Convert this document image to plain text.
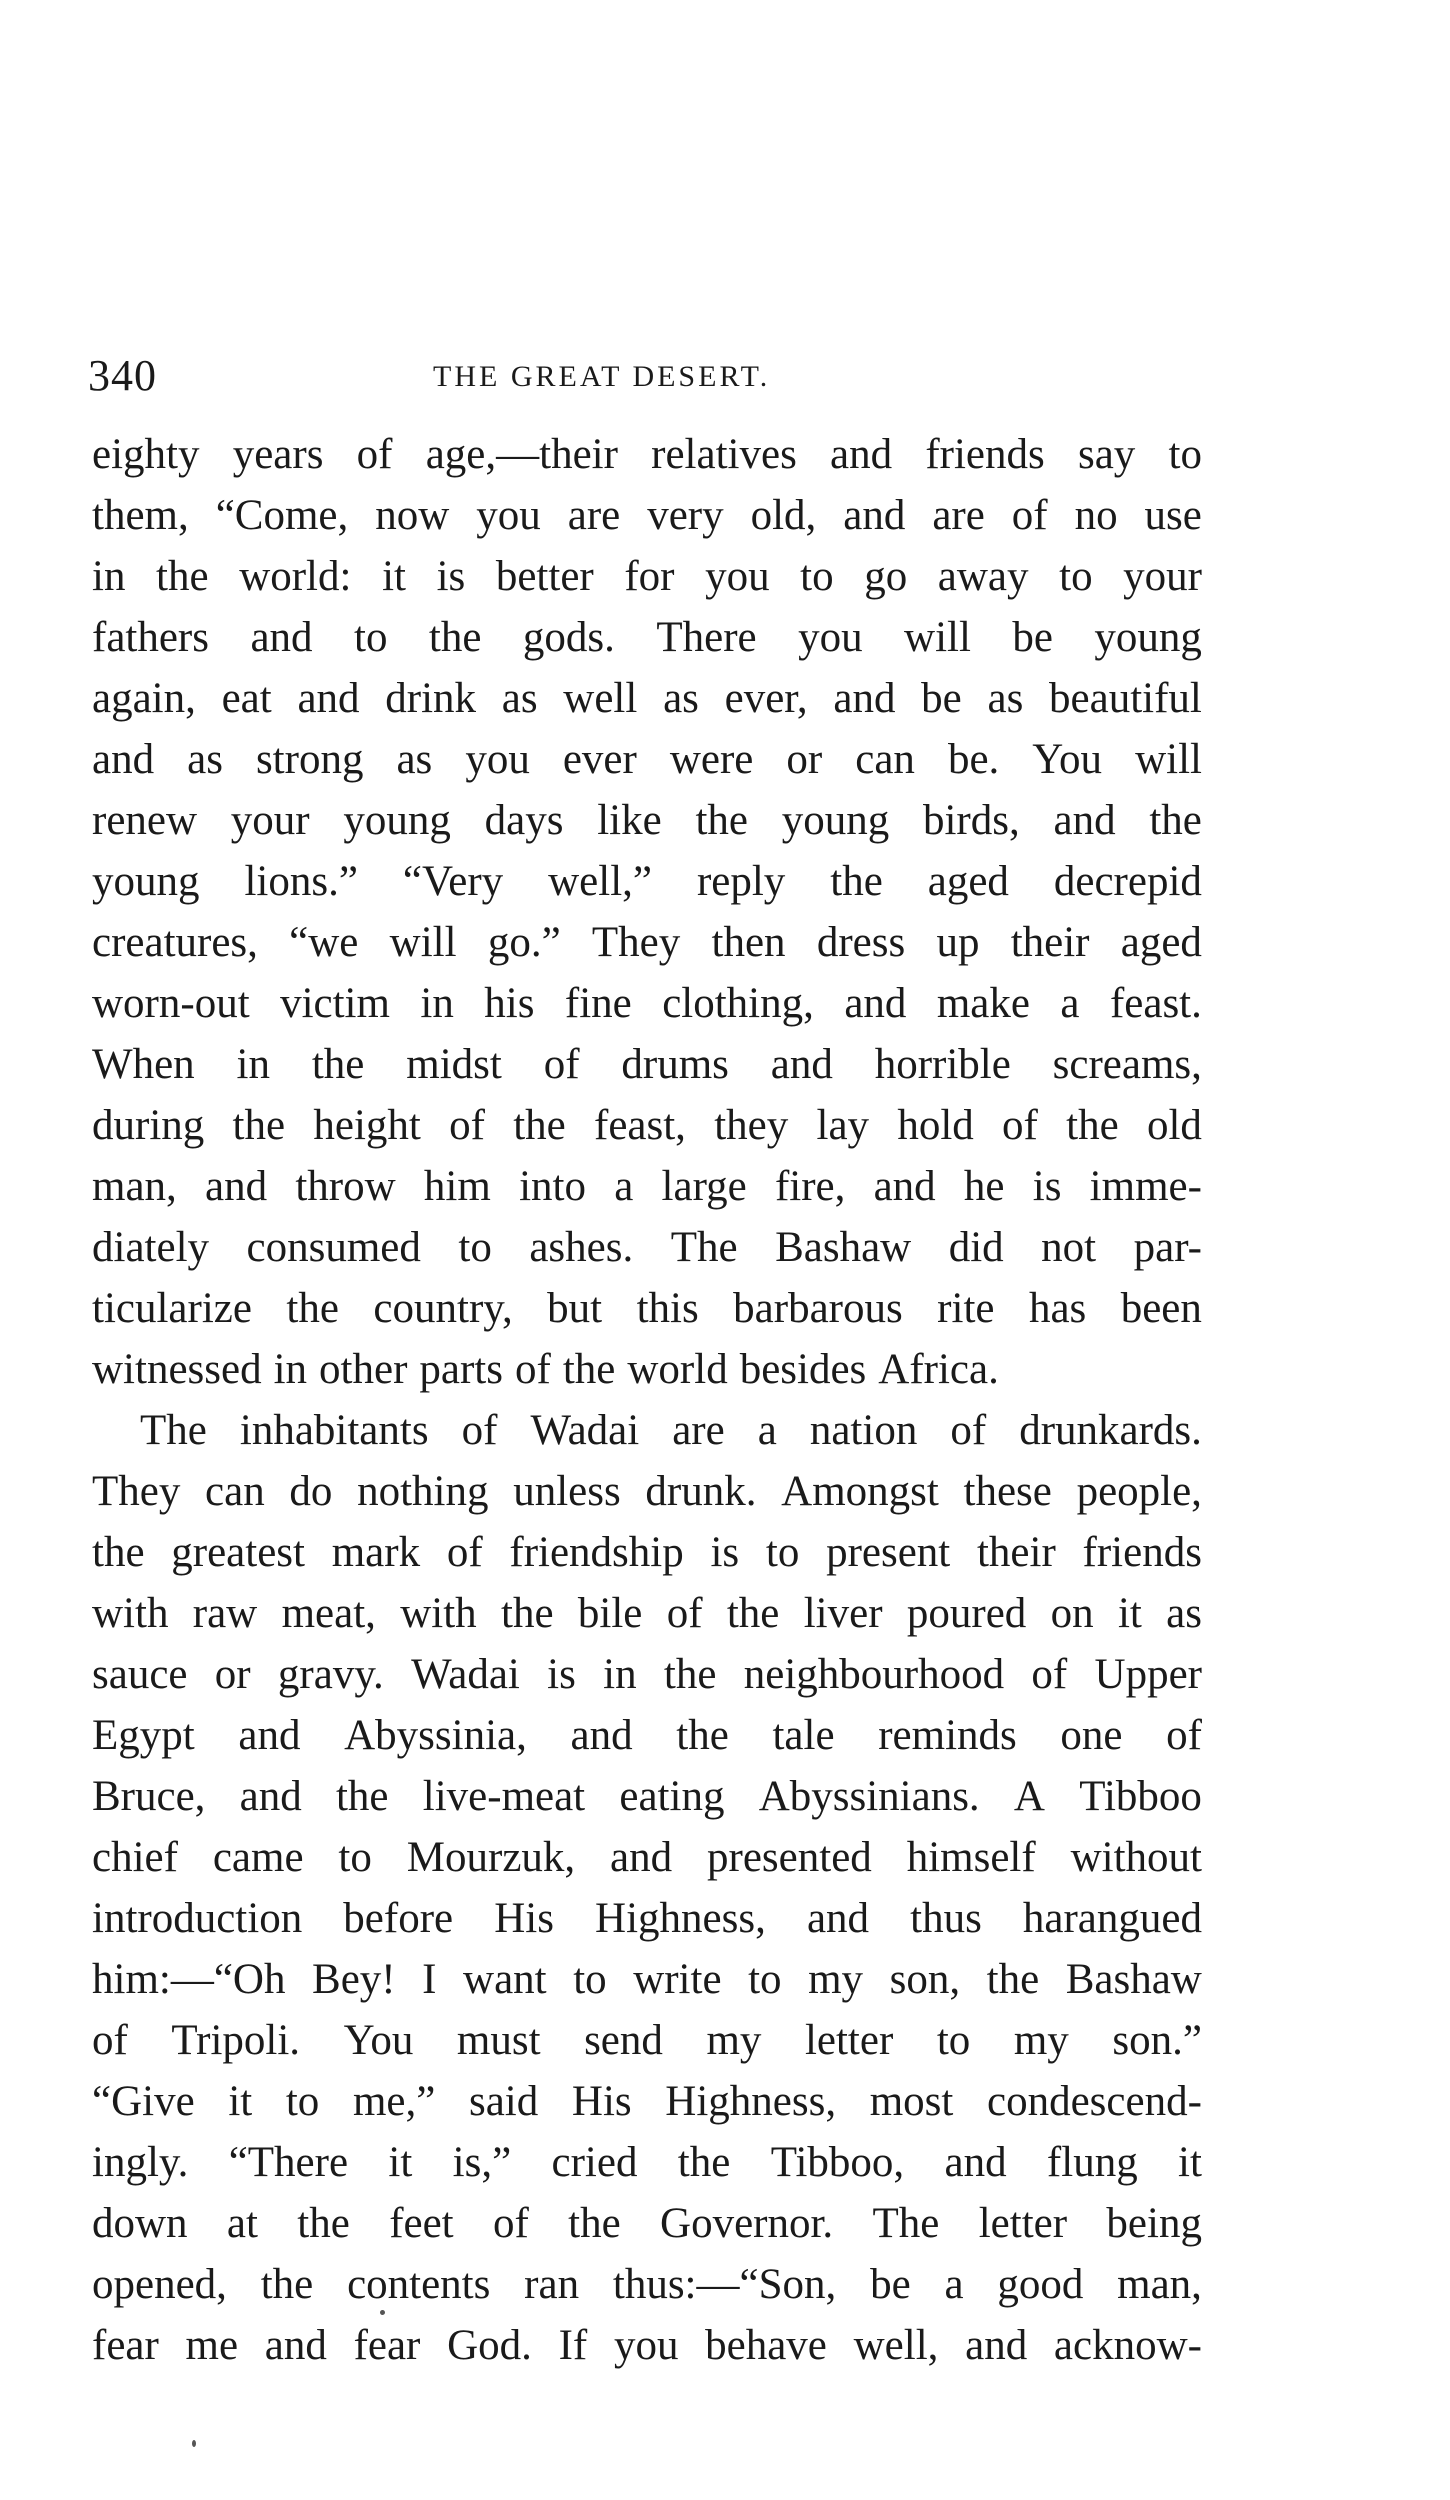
340	THE GREAT DESERT.
eighty years of age,—their relatives and friends say to
them, “Come, now you are very old, and are of no use
in the world: it is better for you to go away to your
fathers and to the gods. There you will be young
again, eat and drink as well as ever, and be as beautiful
and as strong as you ever were or can be. You will
renew your young days like the young birds, and the
young lions.” “Very well,” reply the aged decrepid
creatures, “we will go.” They then dress up their aged
worn-out victim in his fine clothing, and make a feast.
When in the midst of drums and horrible screams,
during the height of the feast, they lay hold of the old
man, and throw him into a large fire, and he is imme-
diately consumed to ashes. The Bashaw did not par-
ticularize the country, but this barbarous rite has been
witnessed in other parts of the world besides Africa.
The inhabitants of Wadai are a nation of drunkards.
They can do nothing unless drunk. Amongst these people,
the greatest mark of friendship is to present their friends
with raw meat, with the bile of the liver poured on it as
sauce or gravy. Wadai is in the neighbourhood of Upper
Egypt and Abyssinia, and the tale reminds one of
Bruce, and the live-meat eating Abyssinians. A Tibboo
chief came to Mourzuk, and presented himself without
introduction before His Highness, and thus harangued
him:—“Oh Bey! I want to write to my son, the Bashaw
of Tripoli. You must send my letter to my son.”
“Give it to me,” said His Highness, most condescend-
ingly. “There it is,” cried the Tibboo, and flung it
down at the feet of the Governor. The letter being
opened, the contents ran thus:—“Son, be a good man,
fear me and fear God. If you behave well, and acknow-
